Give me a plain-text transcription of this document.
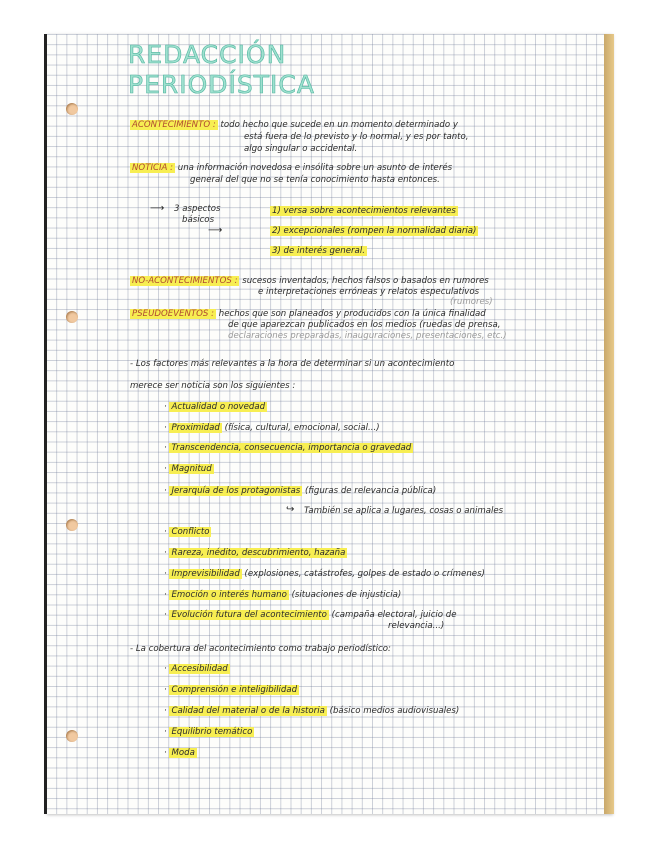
REDACCIÓN
PERIODÍSTICA
ACONTECIMIENTO : todo hecho que sucede en un momento determinado y
está fuera de lo previsto y lo normal, y es por tanto,
algo singular o accidental.
NOTICIA : una información novedosa e insólita sobre un asunto de interés
general del que no se tenía conocimiento hasta entonces.
⟶ 3 aspectos
básicos
⟶
1) versa sobre acontecimientos relevantes
2) excepcionales (rompen la normalidad diaria)
3) de interés general.
NO-ACONTECIMIENTOS : sucesos inventados, hechos falsos o basados en rumores
e interpretaciones erróneas y relatos especulativos
(rumores)
PSEUDOEVENTOS : hechos que son planeados y producidos con la única finalidad
de que aparezcan publicados en los medios (ruedas de prensa,
declaraciones preparadas, inauguraciones, presentaciones, etc.)
- Los factores más relevantes a la hora de determinar si un acontecimiento
merece ser noticia son los siguientes :
· Actualidad o novedad
· Proximidad (física, cultural, emocional, social...)
· Transcendencia, consecuencia, importancia o gravedad
· Magnitud
· Jerarquía de los protagonistas (figuras de relevancia pública)
↪ También se aplica a lugares, cosas o animales
· Conflicto
· Rareza, inédito, descubrimiento, hazaña
· Imprevisibilidad (explosiones, catástrofes, golpes de estado o crímenes)
· Emoción o interés humano (situaciones de injusticia)
· Evolución futura del acontecimiento (campaña electoral, juicio de
relevancia...)
- La cobertura del acontecimiento como trabajo periodístico:
· Accesibilidad
· Comprensión e inteligibilidad
· Calidad del material o de la historia (básico medios audiovisuales)
· Equilibrio temático
· Moda
